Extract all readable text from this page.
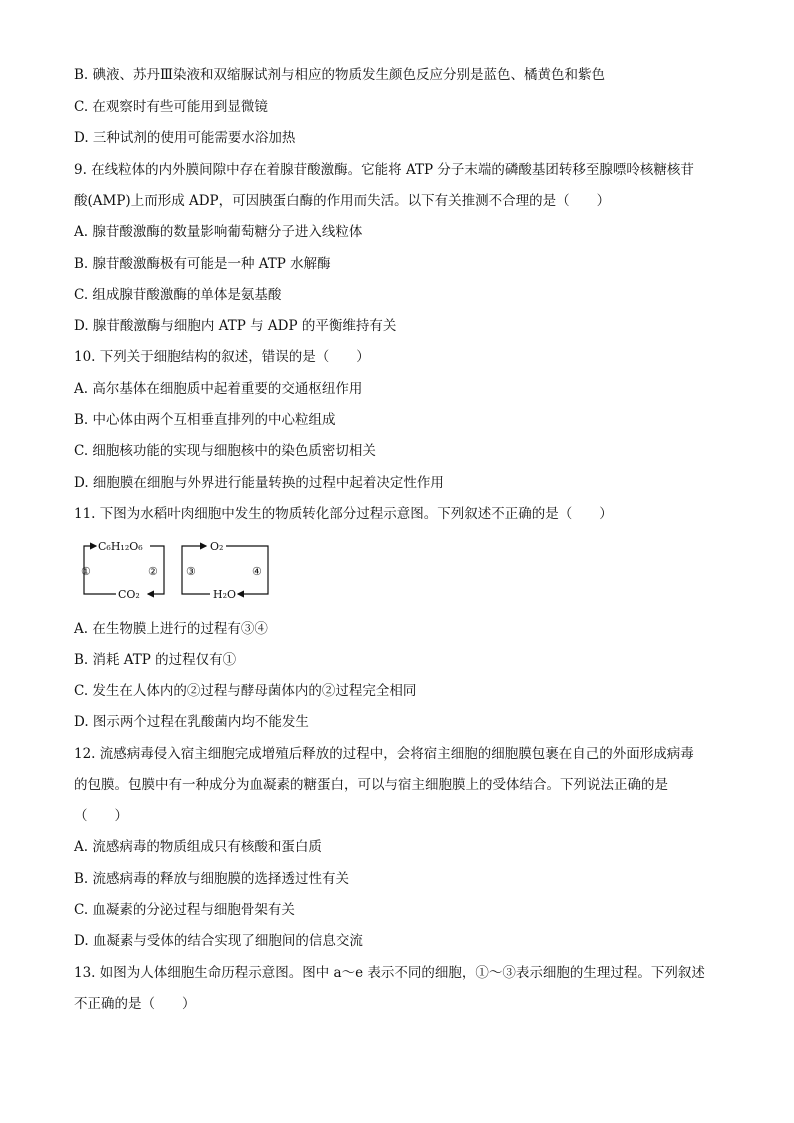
B. 碘液、苏丹Ⅲ染液和双缩脲试剂与相应的物质发生颜色反应分别是蓝色、橘黄色和紫色
C. 在观察时有些可能用到显微镜
D. 三种试剂的使用可能需要水浴加热
9. 在线粒体的内外膜间隙中存在着腺苷酸激酶。它能将 ATP 分子末端的磷酸基团转移至腺嘌呤核糖核苷
酸(AMP)上而形成 ADP，可因胰蛋白酶的作用而失活。以下有关推测不合理的是（　　）
A. 腺苷酸激酶的数量影响葡萄糖分子进入线粒体
B. 腺苷酸激酶极有可能是一种 ATP 水解酶
C. 组成腺苷酸激酶的单体是氨基酸
D. 腺苷酸激酶与细胞内 ATP 与 ADP 的平衡维持有关
10. 下列关于细胞结构的叙述，错误的是（　　）
A. 高尔基体在细胞质中起着重要的交通枢纽作用
B. 中心体由两个互相垂直排列的中心粒组成
C. 细胞核功能的实现与细胞核中的染色质密切相关
D. 细胞膜在细胞与外界进行能量转换的过程中起着决定性作用
11. 下图为水稻叶肉细胞中发生的物质转化部分过程示意图。下列叙述不正确的是（　　）
C₆H₁₂O₆
CO₂
①	②
O₂
H₂O
③	④
A. 在生物膜上进行的过程有③④
B. 消耗 ATP 的过程仅有①
C. 发生在人体内的②过程与酵母菌体内的②过程完全相同
D. 图示两个过程在乳酸菌内均不能发生
12. 流感病毒侵入宿主细胞完成增殖后释放的过程中，会将宿主细胞的细胞膜包裹在自己的外面形成病毒
的包膜。包膜中有一种成分为血凝素的糖蛋白，可以与宿主细胞膜上的受体结合。下列说法正确的是
（　　）
A. 流感病毒的物质组成只有核酸和蛋白质
B. 流感病毒的释放与细胞膜的选择透过性有关
C. 血凝素的分泌过程与细胞骨架有关
D. 血凝素与受体的结合实现了细胞间的信息交流
13. 如图为人体细胞生命历程示意图。图中 a～e 表示不同的细胞，①～③表示细胞的生理过程。下列叙述
不正确的是（　　）
